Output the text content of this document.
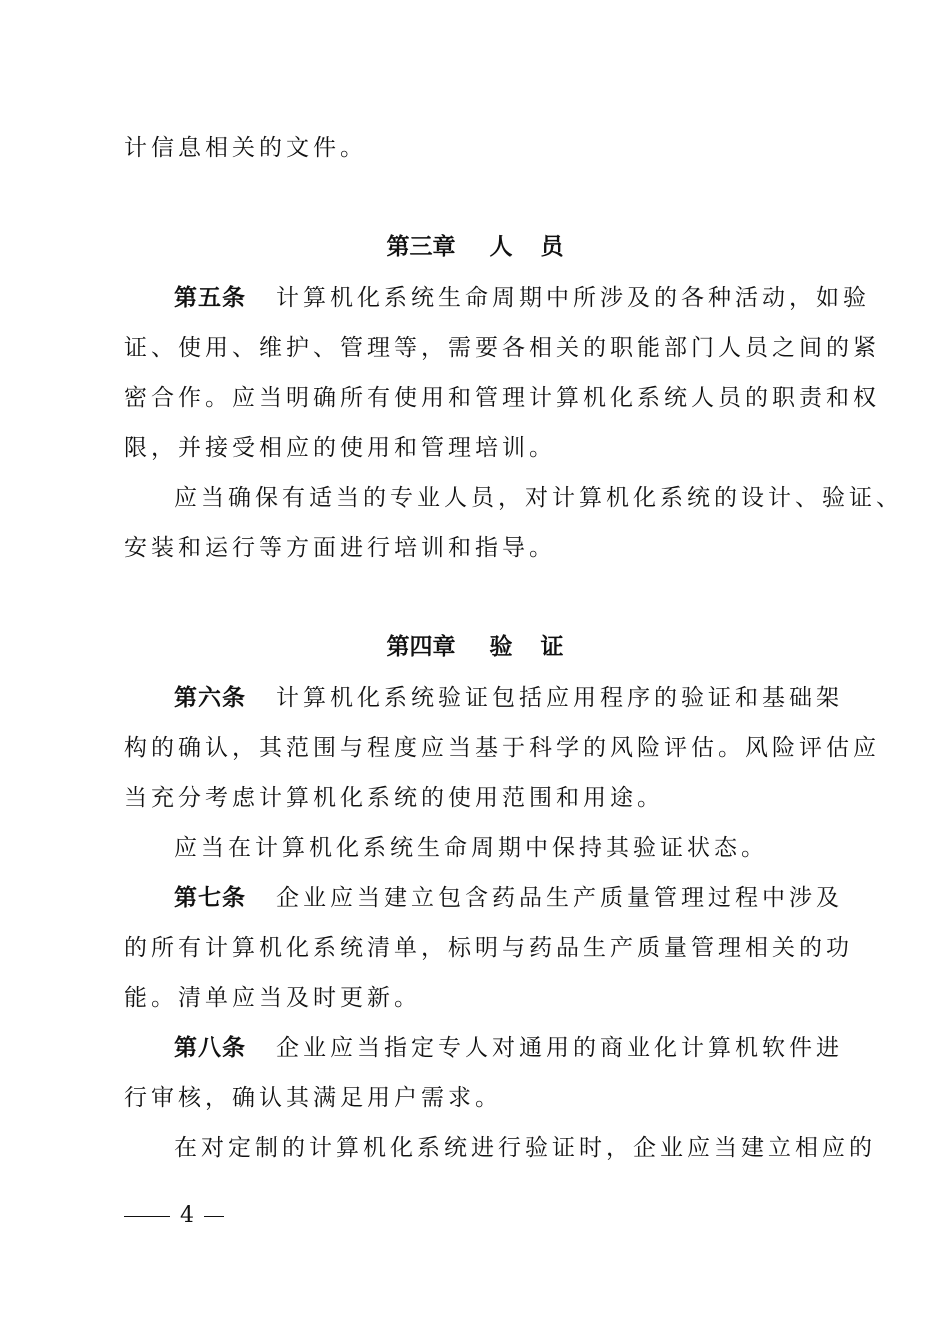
计信息相关的文件。
第三章 人 员
第五条 计算机化系统生命周期中所涉及的各种活动，如验
证、使用、维护、管理等，需要各相关的职能部门人员之间的紧
密合作。应当明确所有使用和管理计算机化系统人员的职责和权
限，并接受相应的使用和管理培训。
应当确保有适当的专业人员，对计算机化系统的设计、验证、
安装和运行等方面进行培训和指导。
第四章 验 证
第六条 计算机化系统验证包括应用程序的验证和基础架
构的确认，其范围与程度应当基于科学的风险评估。风险评估应
当充分考虑计算机化系统的使用范围和用途。
应当在计算机化系统生命周期中保持其验证状态。
第七条 企业应当建立包含药品生产质量管理过程中涉及
的所有计算机化系统清单，标明与药品生产质量管理相关的功
能。清单应当及时更新。
第八条 企业应当指定专人对通用的商业化计算机软件进
行审核，确认其满足用户需求。
在对定制的计算机化系统进行验证时，企业应当建立相应的
4
